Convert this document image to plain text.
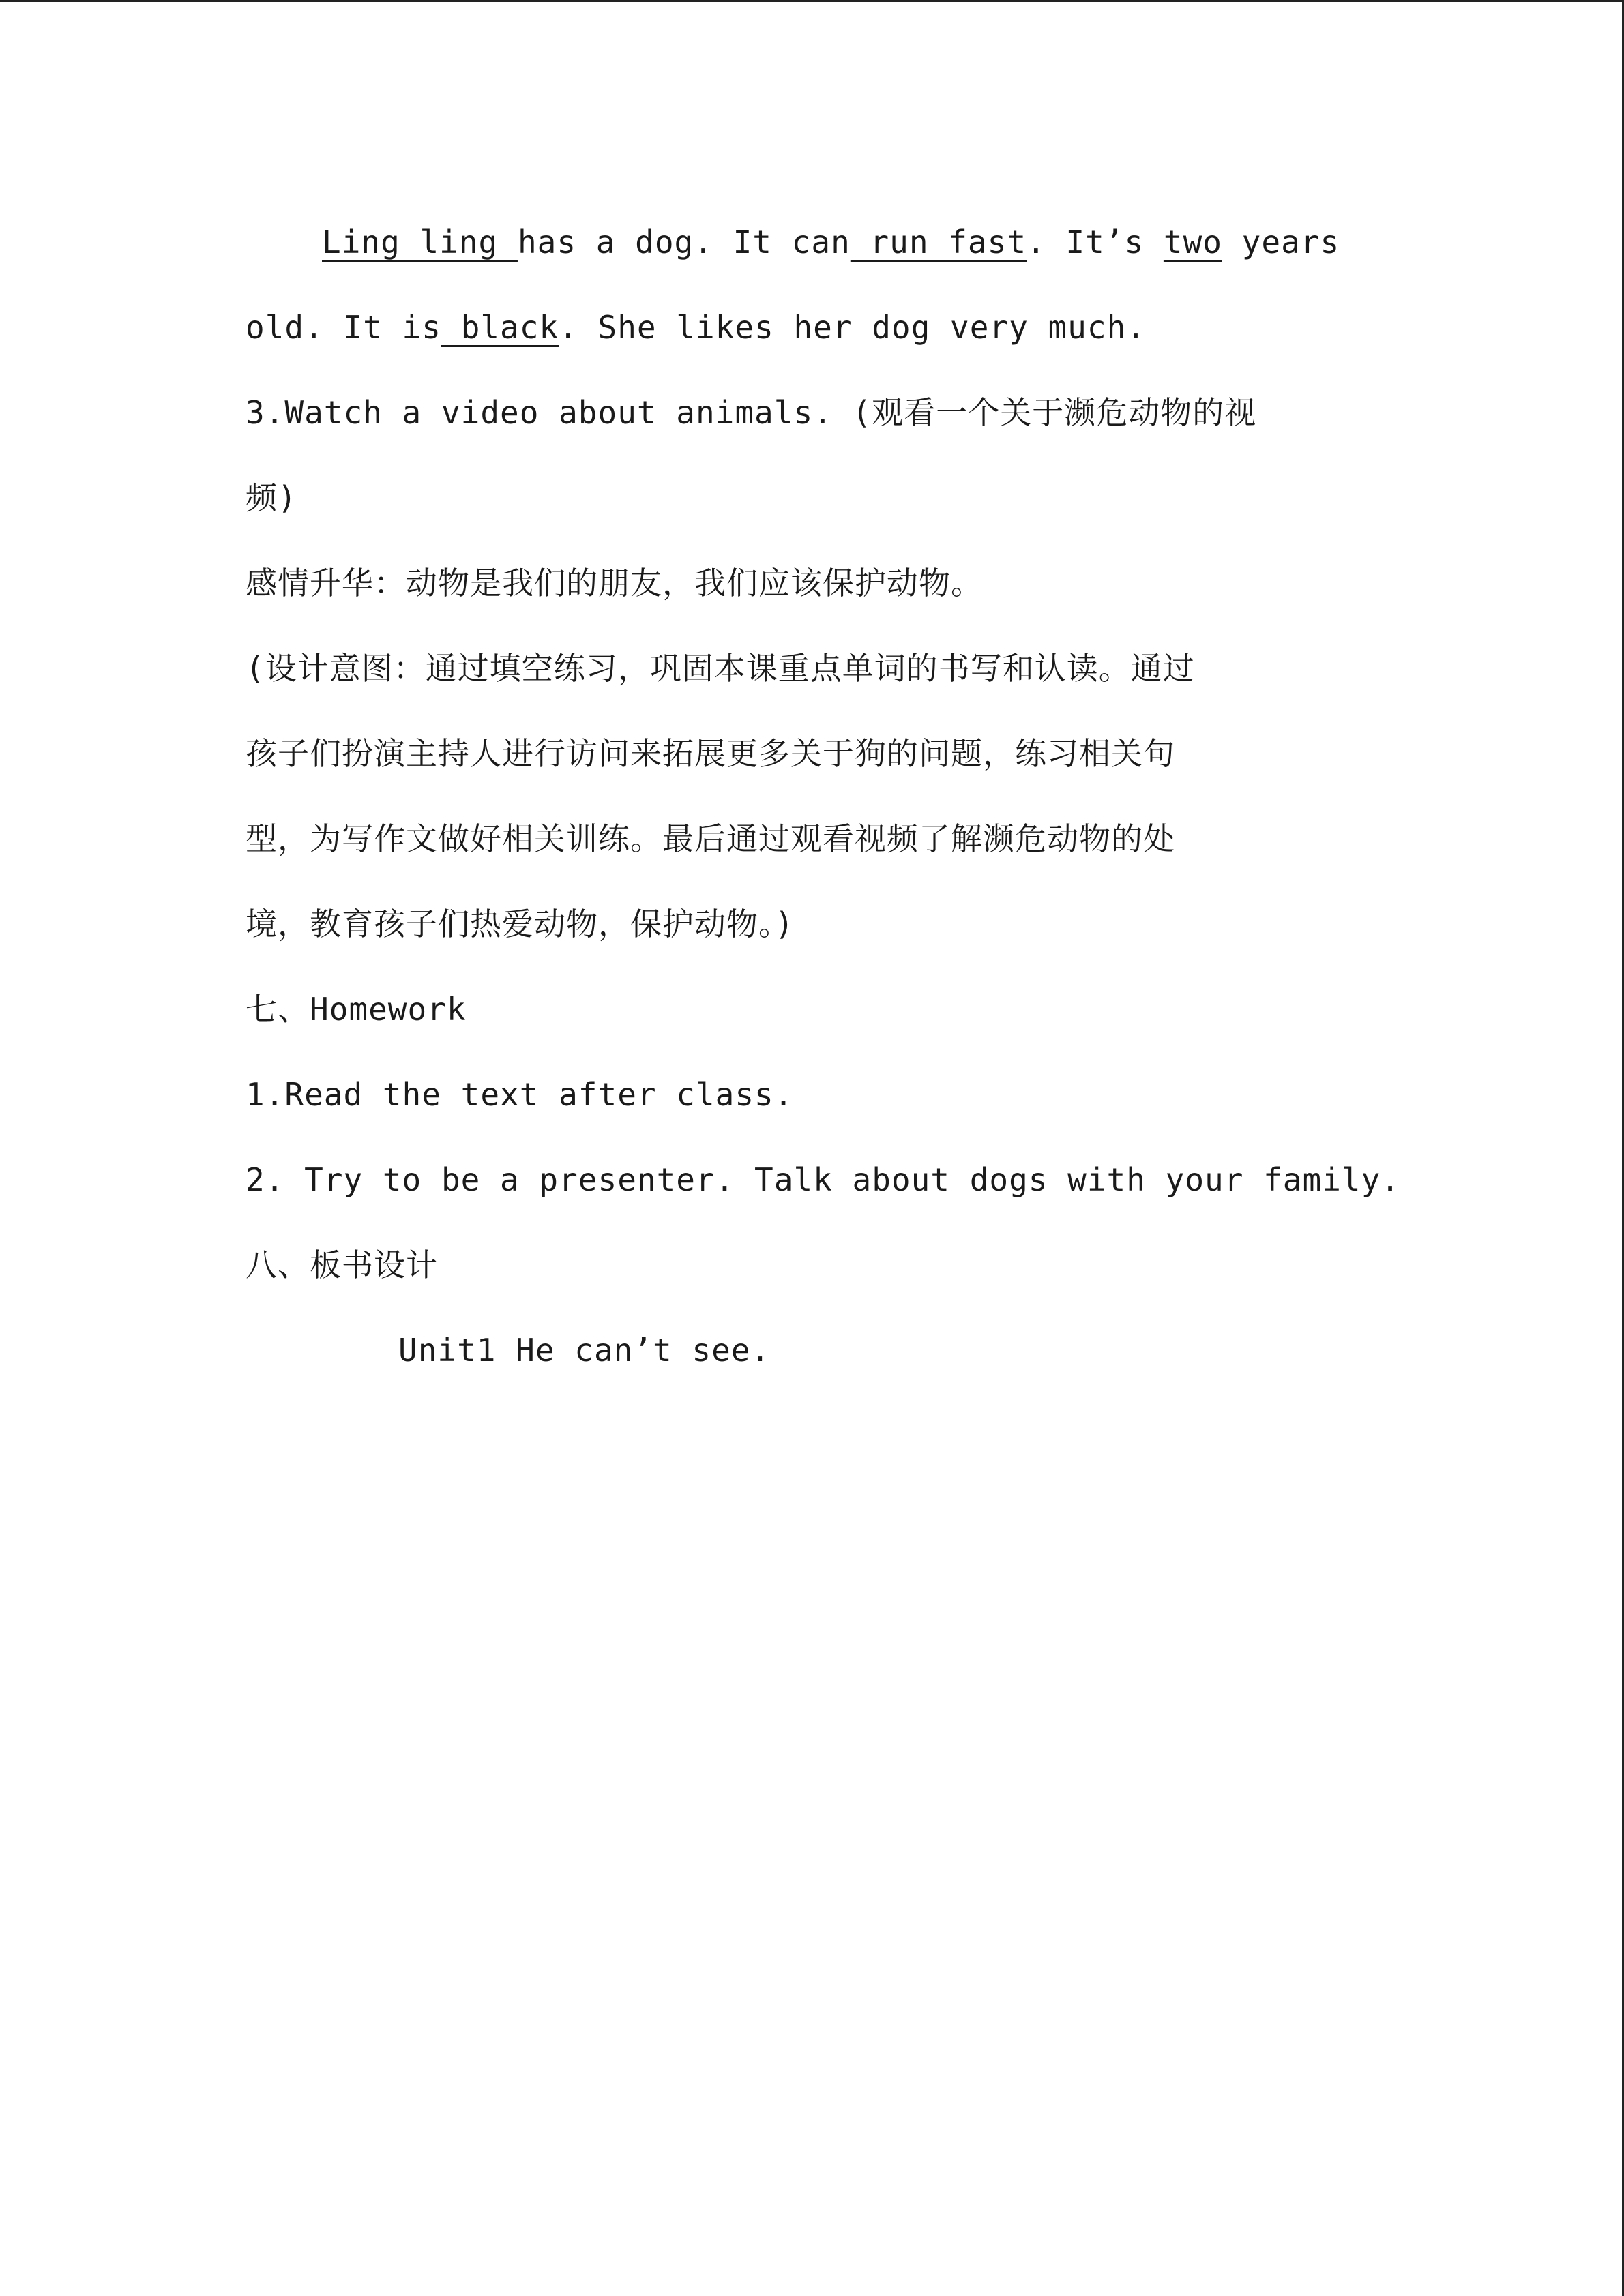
Ling ling has a dog. It can run fast. It’s two years
old. It is black. She likes her dog very much.
3.Watch a video about animals. (观看一个关于濒危动物的视
频)
感情升华：动物是我们的朋友，我们应该保护动物。
(设计意图：通过填空练习，巩固本课重点单词的书写和认读。通过
孩子们扮演主持人进行访问来拓展更多关于狗的问题，练习相关句
型，为写作文做好相关训练。最后通过观看视频了解濒危动物的处
境，教育孩子们热爱动物，保护动物。)
七、Homework
1.Read the text after class.
2. Try to be a presenter. Talk about dogs with your family.
八、板书设计
Unit1 He can’t see.
